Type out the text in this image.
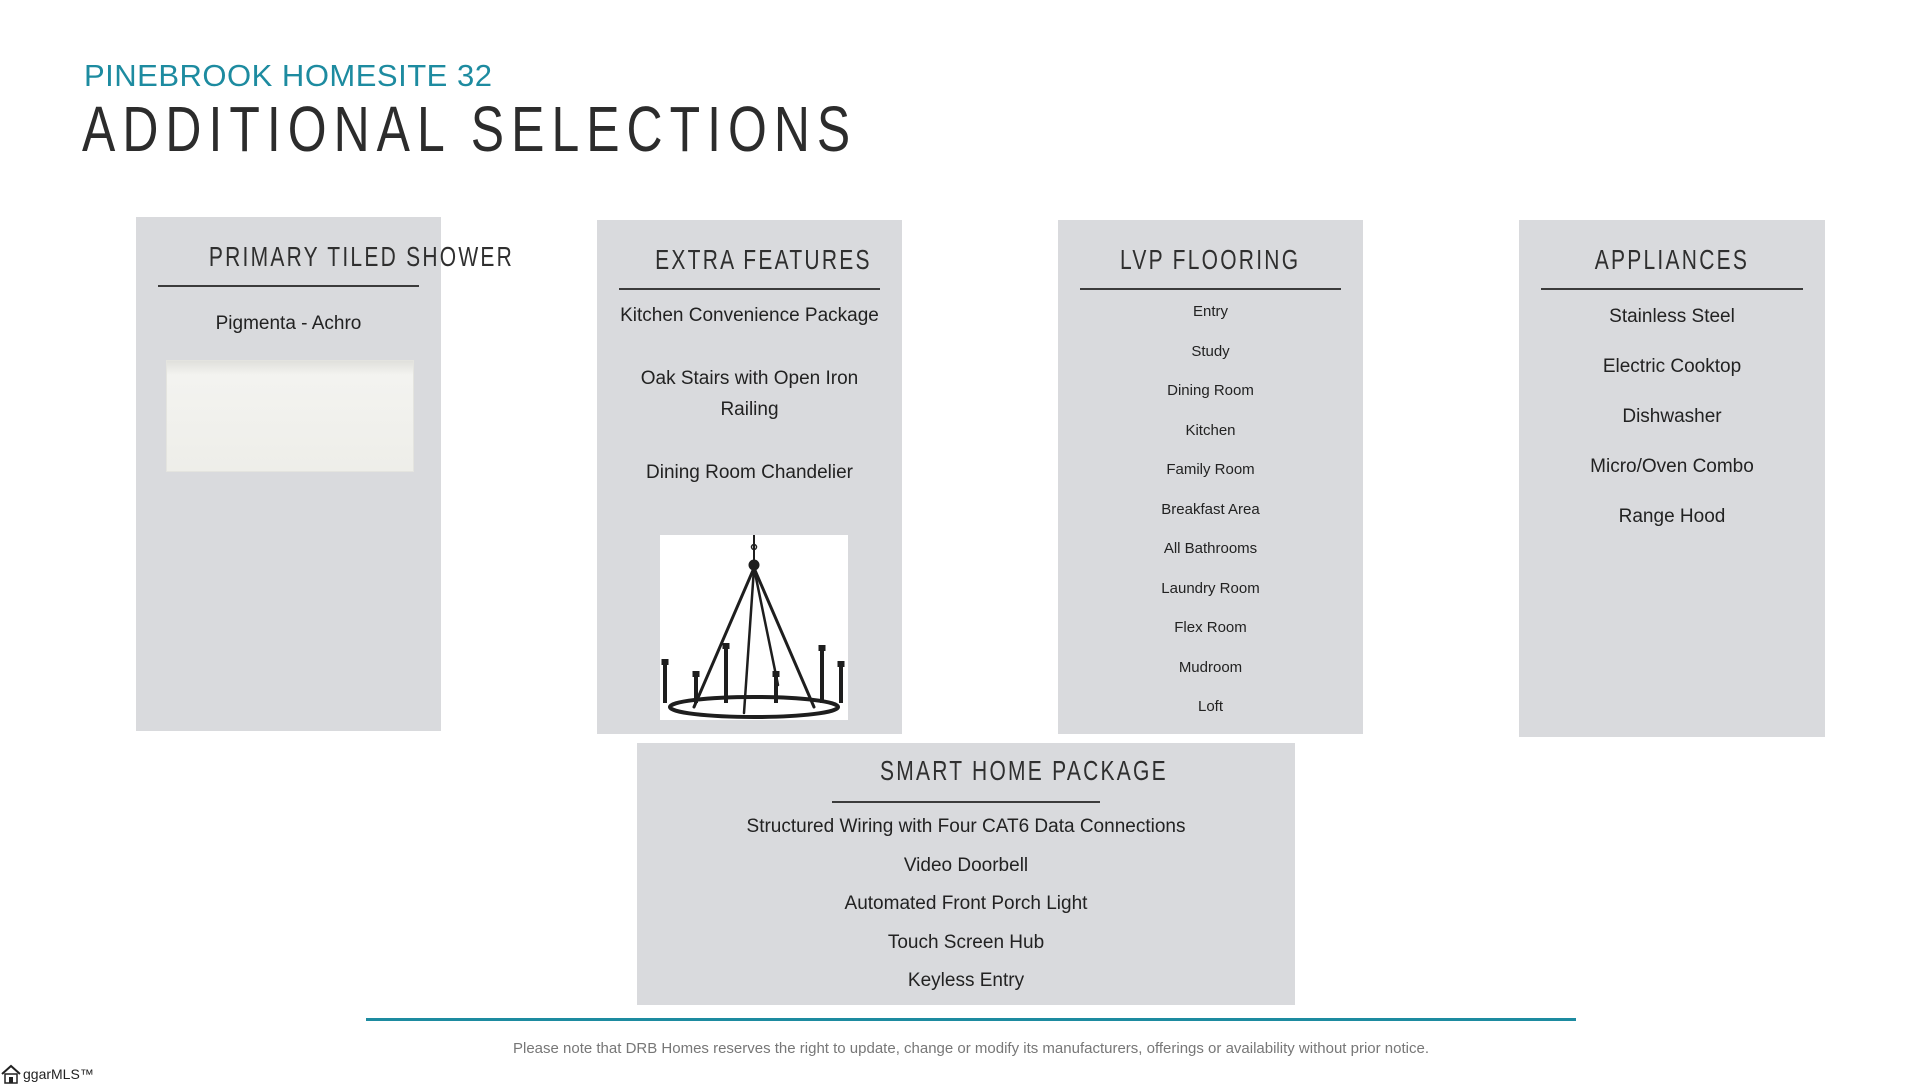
PINEBROOK HOMESITE 32
ADDITIONAL SELECTIONS
PRIMARY TILED SHOWER
Pigmenta - Achro
EXTRA FEATURES
Kitchen Convenience Package
Oak Stairs with Open Iron Railing
Dining Room Chandelier
LVP FLOORING
Entry
Study
Dining Room
Kitchen
Family Room
Breakfast Area
All Bathrooms
Laundry Room
Flex Room
Mudroom
Loft
APPLIANCES
Stainless Steel
Electric Cooktop
Dishwasher
Micro/Oven Combo
Range Hood
SMART HOME PACKAGE
Structured Wiring with Four CAT6 Data Connections
Video Doorbell
Automated Front Porch Light
Touch Screen Hub
Keyless Entry
Please note that DRB Homes reserves the right to update, change or modify its manufacturers, offerings or availability without prior notice.
ggarMLS™
